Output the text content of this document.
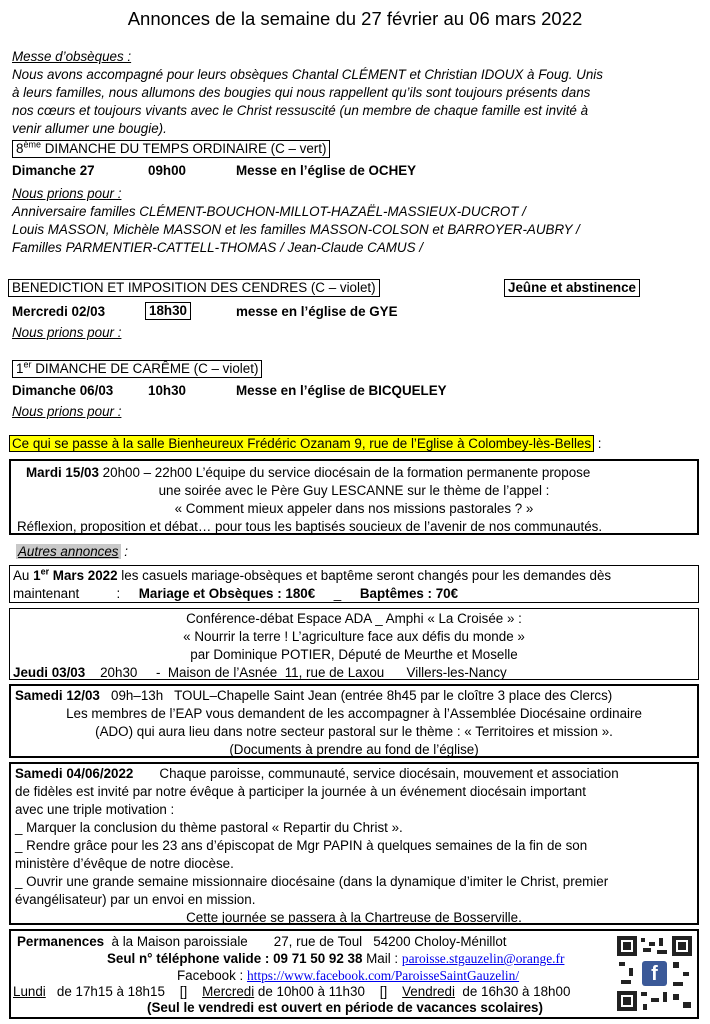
Annonces de la semaine du 27 février au 06 mars 2022
Messe d’obsèques :
Nous avons accompagné pour leurs obsèques Chantal CLÉMENT et Christian IDOUX à Foug. Unis
à leurs familles, nous allumons des bougies qui nous rappellent qu’ils sont toujours présents dans
nos cœurs et toujours vivants avec le Christ ressuscité (un membre de chaque famille est invité à
venir allumer une bougie).
8ème DIMANCHE DU TEMPS ORDINAIRE (C – vert)
Dimanche 27	09h00	Messe en l’église de OCHEY
Nous prions pour :
Anniversaire familles CLÉMENT-BOUCHON-MILLOT-HAZAËL-MASSIEUX-DUCROT /
Louis MASSON, Michèle MASSON et les familles MASSON-COLSON et BARROYER-AUBRY /
Familles PARMENTIER-CATTELL-THOMAS / Jean-Claude CAMUS /
BENEDICTION ET IMPOSITION DES CENDRES (C – violet)	Jeûne et abstinence
Mercredi 02/03	18h30	messe en l’église de GYE
Nous prions pour :
1er DIMANCHE DE CARÊME (C – violet)
Dimanche 06/03	10h30	Messe en l’église de BICQUELEY
Nous prions pour :
Ce qui se passe à la salle Bienheureux Frédéric Ozanam 9, rue de l’Eglise à Colombey-lès-Belles :
Mardi 15/03 20h00 – 22h00 L’équipe du service diocésain de la formation permanente propose
une soirée avec le Père Guy LESCANNE sur le thème de l’appel :
« Comment mieux appeler dans nos missions pastorales ? »
Réflexion, proposition et débat… pour tous les baptisés soucieux de l’avenir de nos communautés.
Autres annonces :
Au 1er Mars 2022 les casuels mariage-obsèques et baptême seront changés pour les demandes dès
maintenant          :     Mariage et Obsèques : 180€     _     Baptêmes : 70€
Conférence-débat Espace ADA _ Amphi « La Croisée » :
« Nourrir la terre ! L’agriculture face aux défis du monde »
par Dominique POTIER, Député de Meurthe et Moselle
Jeudi 03/03    20h30     -  Maison de l’Asnée  11, rue de Laxou      Villers-les-Nancy
Samedi 12/03   09h–13h   TOUL–Chapelle Saint Jean (entrée 8h45 par le cloître 3 place des Clercs)
Les membres de l’EAP vous demandent de les accompagner à l’Assemblée Diocésaine ordinaire
(ADO) qui aura lieu dans notre secteur pastoral sur le thème : « Territoires et mission ».
(Documents à prendre au fond de l’église)
Samedi 04/06/2022       Chaque paroisse, communauté, service diocésain, mouvement et association
de fidèles est invité par notre évêque à participer la journée à un événement diocésain important
avec une triple motivation :
_ Marquer la conclusion du thème pastoral « Repartir du Christ ».
_ Rendre grâce pour les 23 ans d’épiscopat de Mgr PAPIN à quelques semaines de la fin de son
ministère d’évêque de notre diocèse.
_ Ouvrir une grande semaine missionnaire diocésaine (dans la dynamique d’imiter le Christ, premier
évangélisateur) par un envoi en mission.
Cette journée se passera à la Chartreuse de Bosserville.
Permanences  à la Maison paroissiale       27, rue de Toul   54200 Choloy-Ménillot
Seul n° téléphone valide : 09 71 50 92 38 Mail : paroisse.stgauzelin@orange.fr
Facebook : https://www.facebook.com/ParoisseSaintGauzelin/
Lundi   de 17h15 à 18h15    []    Mercredi de 10h00 à 11h30    []    Vendredi  de 16h30 à 18h00
(Seul le vendredi est ouvert en période de vacances scolaires)
f
